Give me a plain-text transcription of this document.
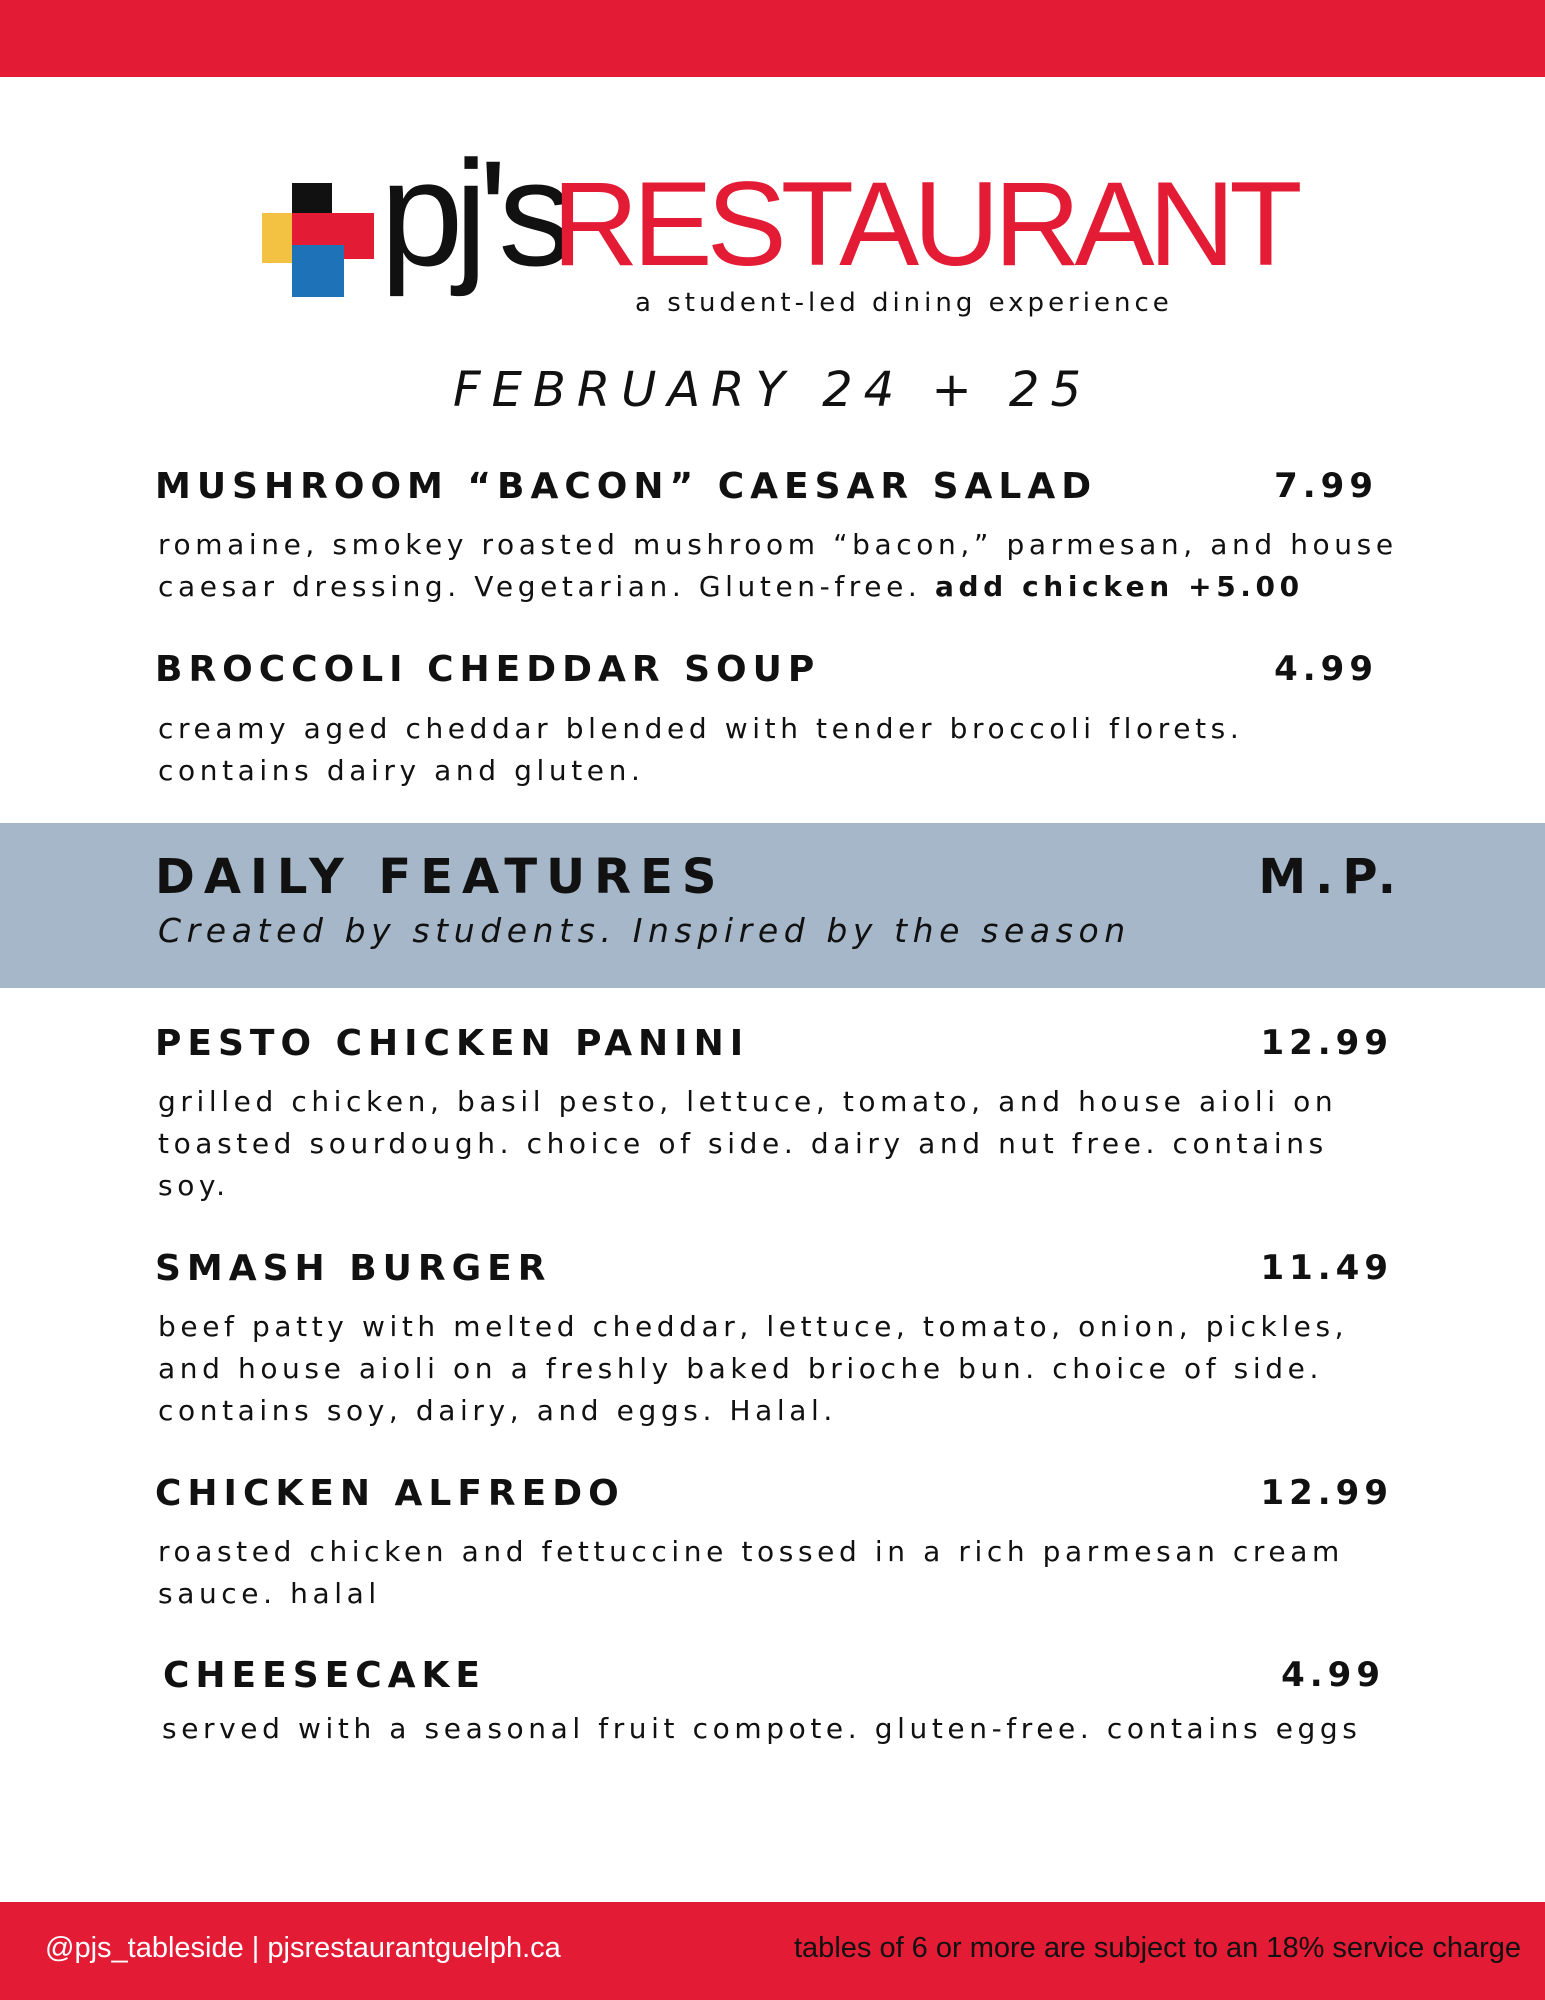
pj's
RESTAURANT
a student-led dining experience
FEBRUARY 24 + 25
MUSHROOM “BACON” CAESAR SALAD	7.99
romaine, smokey roasted mushroom “bacon,” parmesan, and house
caesar dressing. Vegetarian. Gluten-free. add chicken +5.00
BROCCOLI CHEDDAR SOUP	4.99
creamy aged cheddar blended with tender broccoli florets.
contains dairy and gluten.
DAILY FEATURES	M.P.
Created by students. Inspired by the season
PESTO CHICKEN PANINI	12.99
grilled chicken, basil pesto, lettuce, tomato, and house aioli on
toasted sourdough. choice of side. dairy and nut free. contains
soy.
SMASH BURGER	11.49
beef patty with melted cheddar, lettuce, tomato, onion, pickles,
and house aioli on a freshly baked brioche bun. choice of side.
contains soy, dairy, and eggs. Halal.
CHICKEN ALFREDO	12.99
roasted chicken and fettuccine tossed in a rich parmesan cream
sauce. halal
CHEESECAKE	4.99
served with a seasonal fruit compote. gluten-free. contains eggs
@pjs_tableside | pjsrestaurantguelph.ca	tables of 6 or more are subject to an 18% service charge
